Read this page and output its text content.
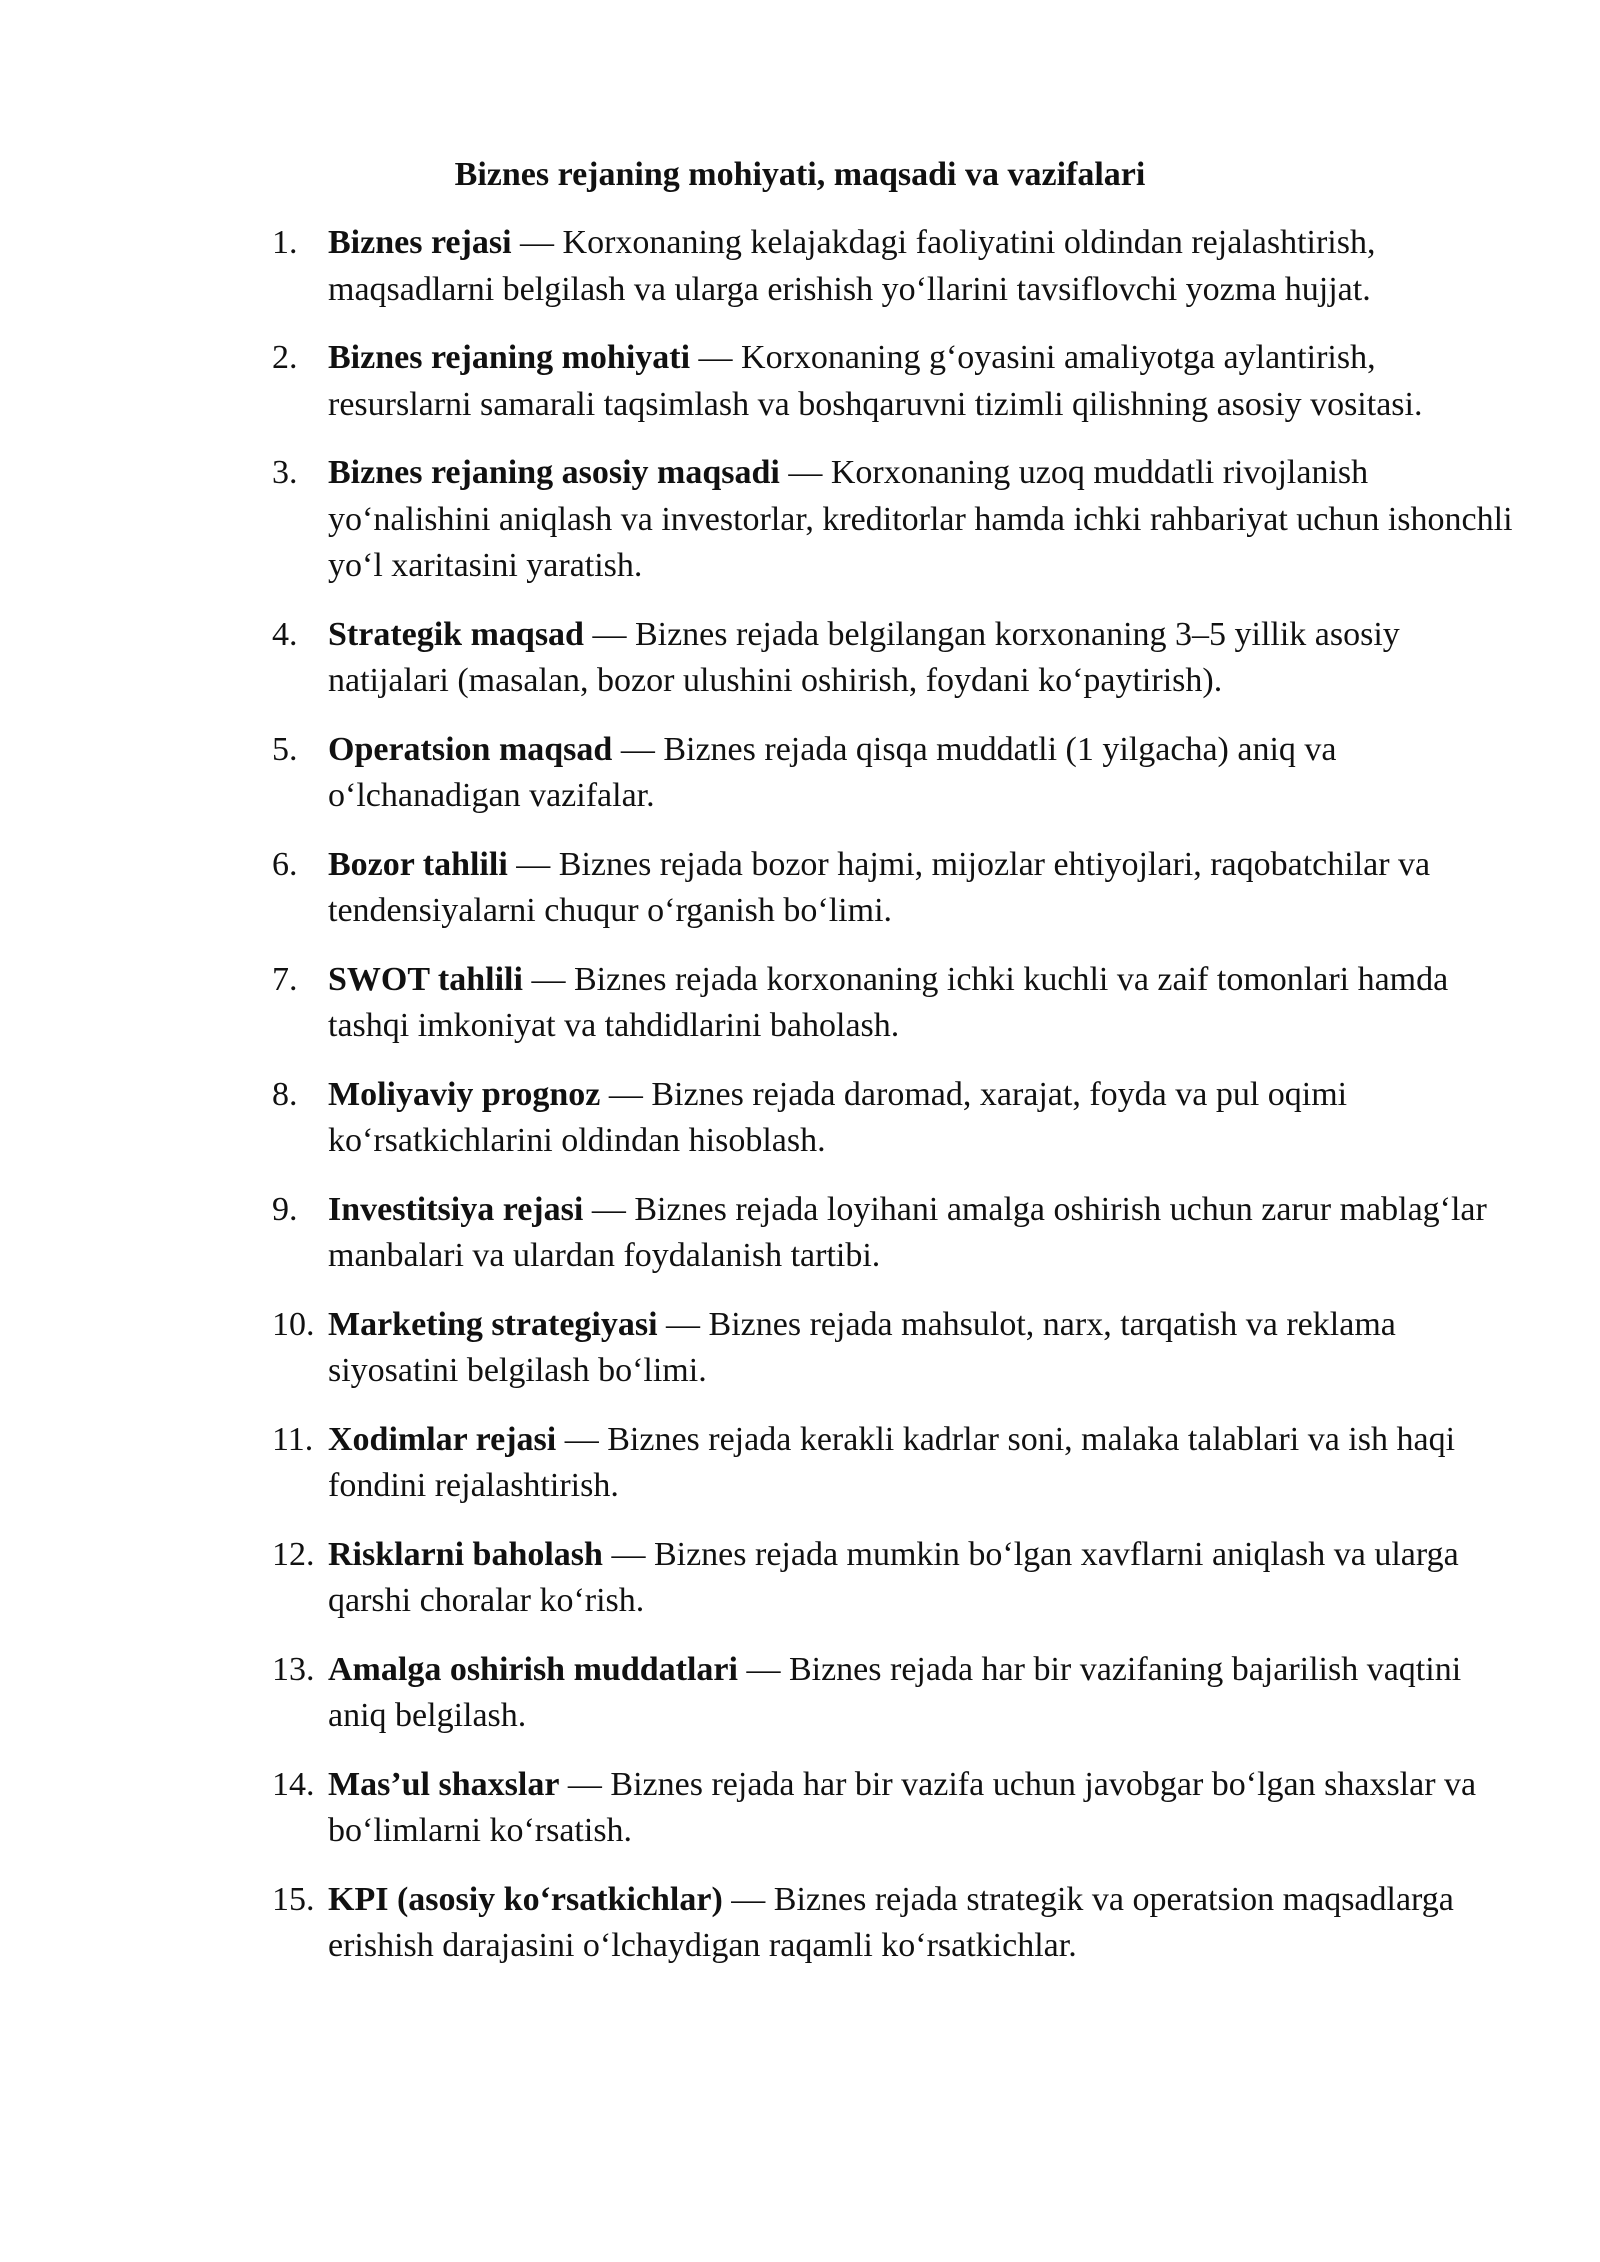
Biznes rejaning mohiyati, maqsadi va vazifalari
1. Biznes rejasi — Korxonaning kelajakdagi faoliyatini oldindan rejalashtirish, maqsadlarni belgilash va ularga erishish yo‘llarini tavsiflovchi yozma hujjat.
2. Biznes rejaning mohiyati — Korxonaning g‘oyasini amaliyotga aylantirish, resurslarni samarali taqsimlash va boshqaruvni tizimli qilishning asosiy vositasi.
3. Biznes rejaning asosiy maqsadi — Korxonaning uzoq muddatli rivojlanish yo‘nalishini aniqlash va investorlar, kreditorlar hamda ichki rahbariyat uchun ishonchli yo‘l xaritasini yaratish.
4. Strategik maqsad — Biznes rejada belgilangan korxonaning 3–5 yillik asosiy natijalari (masalan, bozor ulushini oshirish, foydani ko‘paytirish).
5. Operatsion maqsad — Biznes rejada qisqa muddatli (1 yilgacha) aniq va o‘lchanadigan vazifalar.
6. Bozor tahlili — Biznes rejada bozor hajmi, mijozlar ehtiyojlari, raqobatchilar va tendensiyalarni chuqur o‘rganish bo‘limi.
7. SWOT tahlili — Biznes rejada korxonaning ichki kuchli va zaif tomonlari hamda tashqi imkoniyat va tahdidlarini baholash.
8. Moliyaviy prognoz — Biznes rejada daromad, xarajat, foyda va pul oqimi ko‘rsatkichlarini oldindan hisoblash.
9. Investitsiya rejasi — Biznes rejada loyihani amalga oshirish uchun zarur mablag‘lar manbalari va ulardan foydalanish tartibi.
10. Marketing strategiyasi — Biznes rejada mahsulot, narx, tarqatish va reklama siyosatini belgilash bo‘limi.
11. Xodimlar rejasi — Biznes rejada kerakli kadrlar soni, malaka talablari va ish haqi fondini rejalashtirish.
12. Risklarni baholash — Biznes rejada mumkin bo‘lgan xavflarni aniqlash va ularga qarshi choralar ko‘rish.
13. Amalga oshirish muddatlari — Biznes rejada har bir vazifaning bajarilish vaqtini aniq belgilash.
14. Mas’ul shaxslar — Biznes rejada har bir vazifa uchun javobgar bo‘lgan shaxslar va bo‘limlarni ko‘rsatish.
15. KPI (asosiy ko‘rsatkichlar) — Biznes rejada strategik va operatsion maqsadlarga erishish darajasini o‘lchaydigan raqamli ko‘rsatkichlar.
